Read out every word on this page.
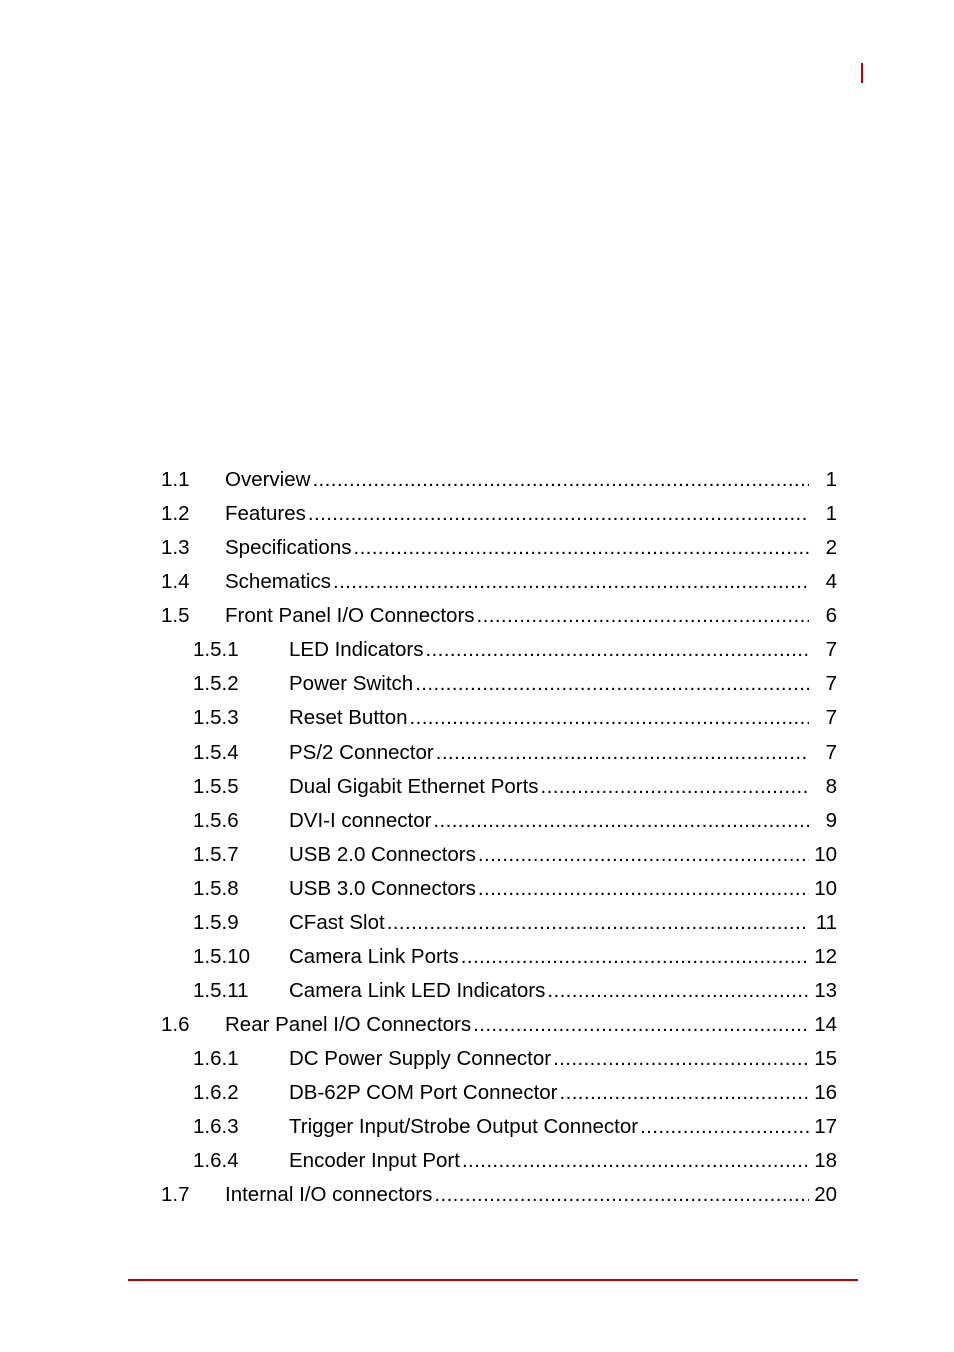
1.1	Overview .....	1
1.2	Features .....	1
1.3	Specifications .....	2
1.4	Schematics .....	4
1.5	Front Panel I/O Connectors .....	6
1.5.1	LED Indicators .....	7
1.5.2	Power Switch .....	7
1.5.3	Reset Button .....	7
1.5.4	PS/2 Connector .....	7
1.5.5	Dual Gigabit Ethernet Ports .....	8
1.5.6	DVI-I connector .....	9
1.5.7	USB 2.0 Connectors .....	10
1.5.8	USB 3.0 Connectors .....	10
1.5.9	CFast Slot .....	11
1.5.10	Camera Link Ports .....	12
1.5.11	Camera Link LED Indicators .....	13
1.6	Rear Panel I/O Connectors .....	14
1.6.1	DC Power Supply Connector .....	15
1.6.2	DB-62P COM Port Connector .....	16
1.6.3	Trigger Input/Strobe Output Connector .....	17
1.6.4	Encoder Input Port .....	18
1.7	Internal I/O connectors .....	20
